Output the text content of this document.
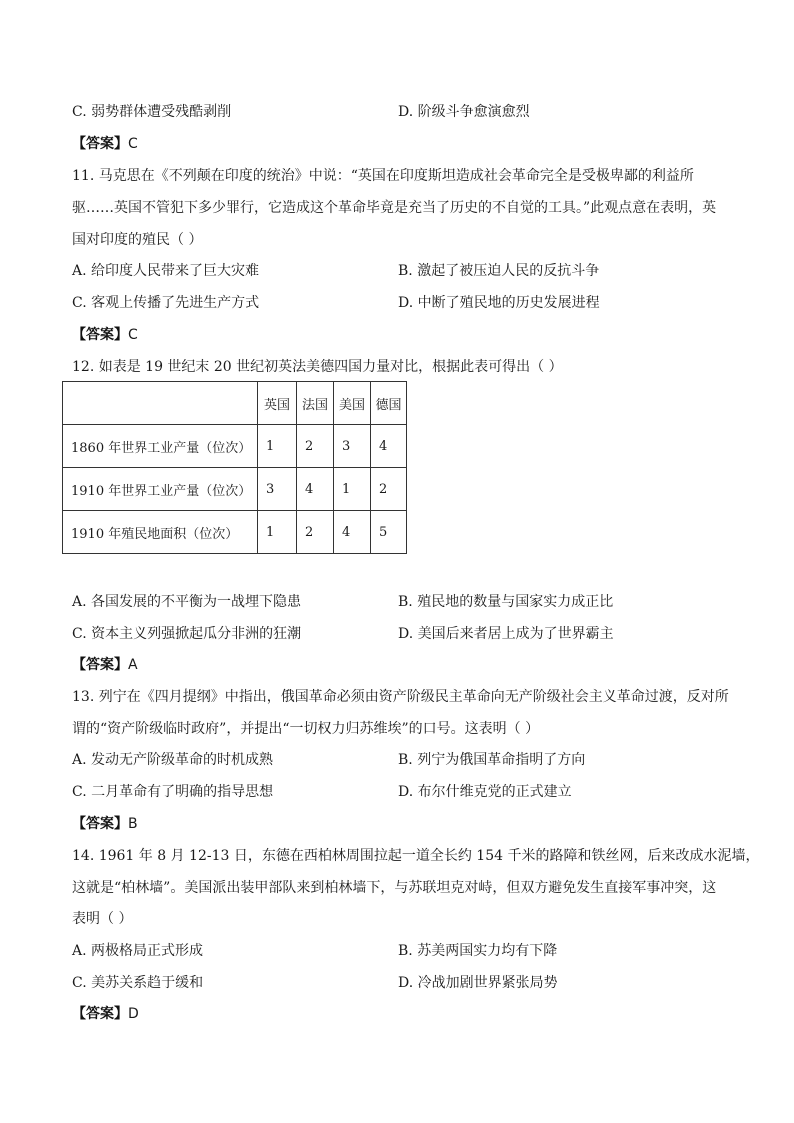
C. 弱势群体遭受残酷剥削	D. 阶级斗争愈演愈烈
【答案】C
11. 马克思在《不列颠在印度的统治》中说：“英国在印度斯坦造成社会革命完全是受极卑鄙的利益所
驱……英国不管犯下多少罪行，它造成这个革命毕竟是充当了历史的不自觉的工具。”此观点意在表明，英
国对印度的殖民（ ）
A. 给印度人民带来了巨大灾难	B. 激起了被压迫人民的反抗斗争
C. 客观上传播了先进生产方式	D. 中断了殖民地的历史发展进程
【答案】C
12. 如表是 19 世纪末 20 世纪初英法美德四国力量对比，根据此表可得出（ ）
	英国	法国	美国	德国
1860 年世界工业产量（位次）	1	2	3	4
1910 年世界工业产量（位次）	3	4	1	2
1910 年殖民地面积（位次）	1	2	4	5
A. 各国发展的不平衡为一战埋下隐患	B. 殖民地的数量与国家实力成正比
C. 资本主义列强掀起瓜分非洲的狂潮	D. 美国后来者居上成为了世界霸主
【答案】A
13. 列宁在《四月提纲》中指出，俄国革命必须由资产阶级民主革命向无产阶级社会主义革命过渡，反对所
谓的“资产阶级临时政府”，并提出“一切权力归苏维埃”的口号。这表明（ ）
A. 发动无产阶级革命的时机成熟	B. 列宁为俄国革命指明了方向
C. 二月革命有了明确的指导思想	D. 布尔什维克党的正式建立
【答案】B
14. 1961 年 8 月 12-13 日，东德在西柏林周围拉起一道全长约 154 千米的路障和铁丝网，后来改成水泥墙，
这就是“柏林墙”。美国派出装甲部队来到柏林墙下，与苏联坦克对峙，但双方避免发生直接军事冲突，这
表明（ ）
A. 两极格局正式形成	B. 苏美两国实力均有下降
C. 美苏关系趋于缓和	D. 冷战加剧世界紧张局势
【答案】D
